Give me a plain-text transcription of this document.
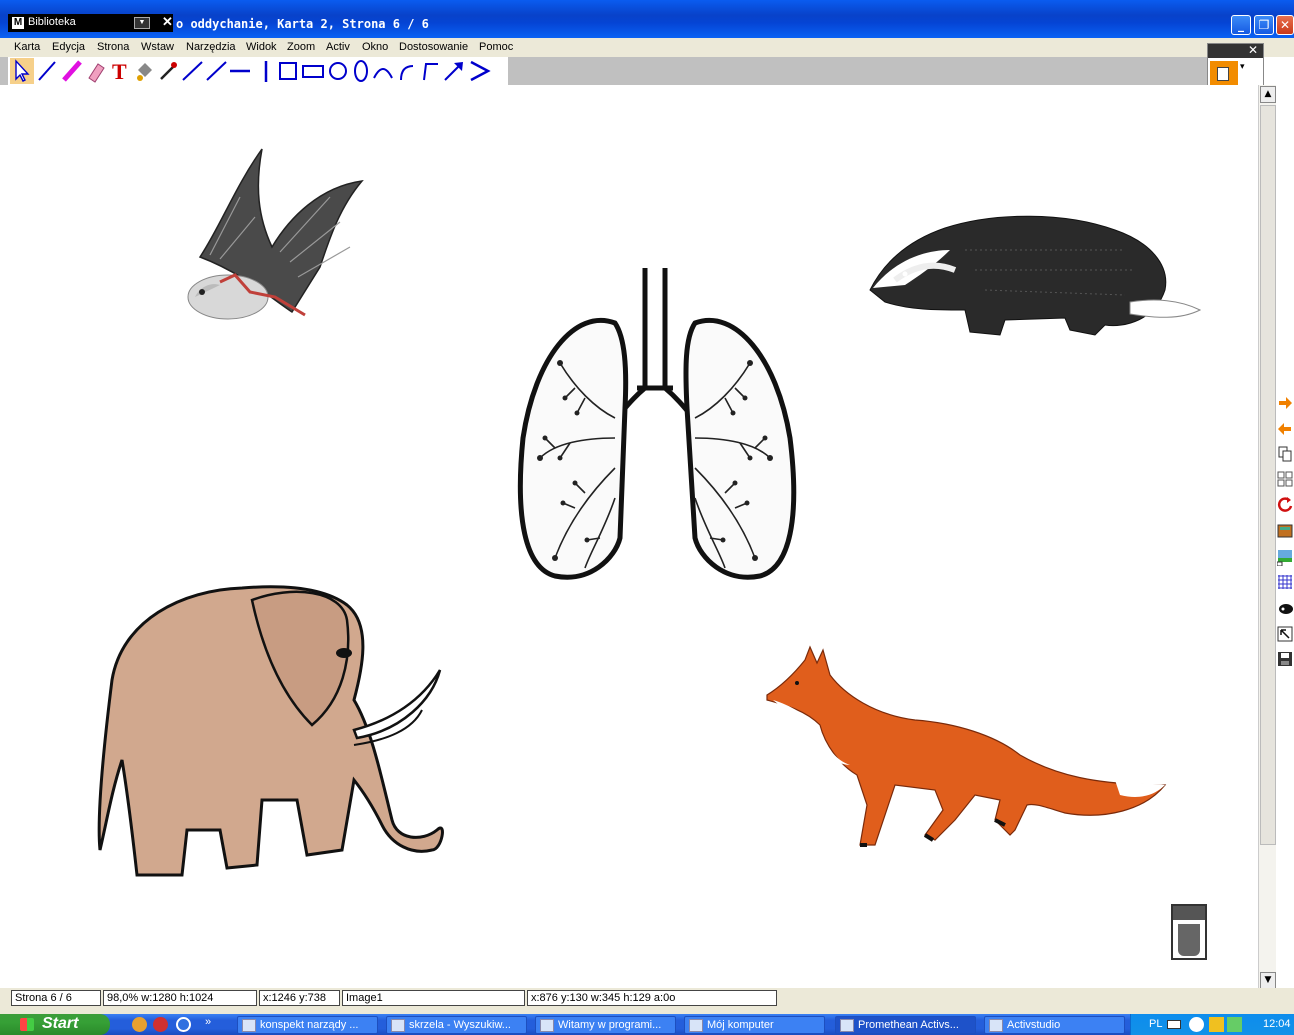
o oddychanie, Karta 2, Strona 6 / 6	_	❐ ✕
M Biblioteka	▼	✕
Karta Edycja Strona Wstaw Narzędzia Widok Zoom Activ Okno Dostosowanie Pomoc
T
✕
▾
▲
▼
Strona 6 / 6	98,0% w:1280 h:1024	x:1246 y:738	Image1	x:876 y:130 w:345 h:129 a:0o
Start	»	konspekt narządy ...	skrzela - Wyszukiw...	Witamy w programi...	Mój komputer	Promethean Activs...	Activstudio	PL	12:04
